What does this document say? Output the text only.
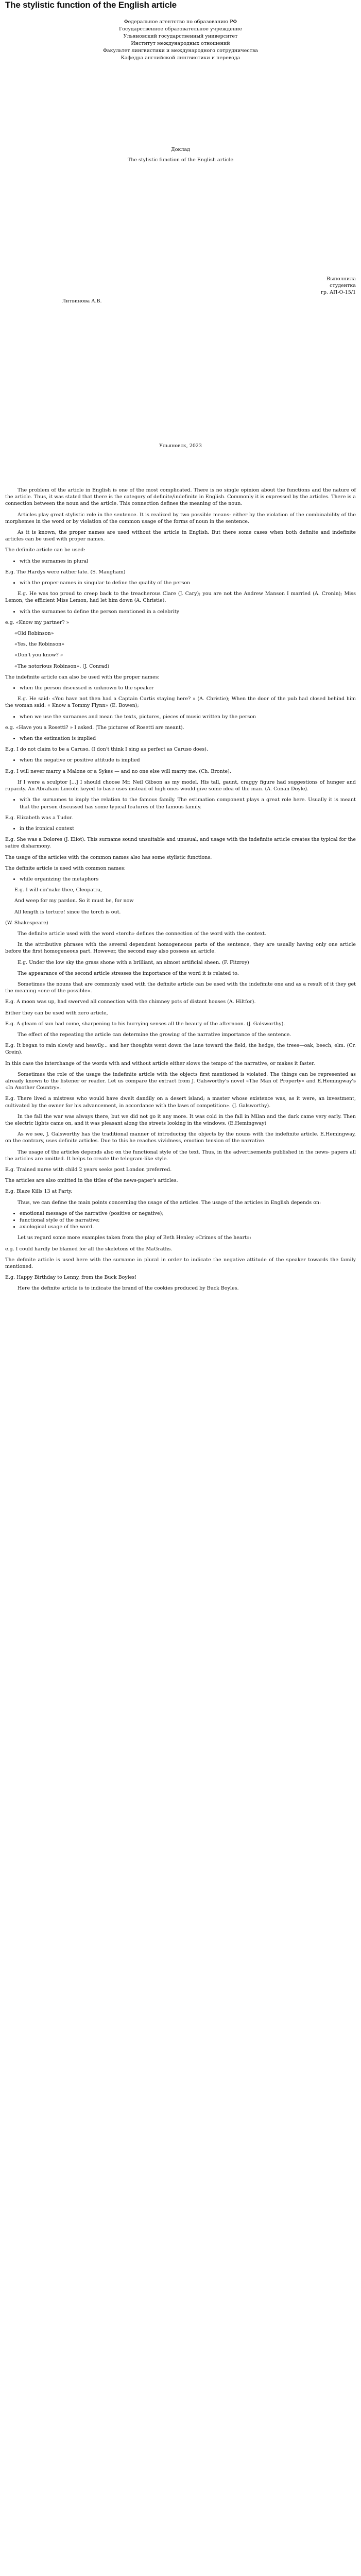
The stylistic function of the English article
Федеральное агентство по образованию РФ
Государственное образовательное учреждение
Ульяновский государственный университет
Институт международных отношений
Факультет лингвистики и международного сотрудничества
Кафедра английской лингвистики и перевода
Доклад
The stylistic function of the English article
Выполнила
студентка
гр. АП-О-15/1
Литвинова А.В.
Ульяновск, 2023

The problem of the article in English is one of the most complicated. There is no single opinion about the functions and the nature of the article. Thus, it was stated that there is the category of definite/indefinite in English. Commonly it is expressed by the articles. There is a connection between the noun and the article. This connection defines the meaning of the noun.

Articles play great stylistic role in the sentence. It is realized by two possible means: either by the violation of the combinability of the morphemes in the word or by violation of the common usage of the forms of noun in the sentence.

As it is known, the proper names are used without the article in English. But there some cases when both definite and indefinite articles can be used with proper names.

The definite article can be used:

• with the surnames in plural

E.g. The Hardys were rather late. (S. Maugham)

• with the proper names in singular to define the quality of the person

E.g. He was too proud to creep back to the treacherous Clare (J. Cary); you are not the Andrew Manson I married (A. Cronin); Miss Lemon, the efficient Miss Lemon, had let him down (A. Christie).

• with the surnames to define the person mentioned in a celebrity

e.g. «Know my partner? »

«Old Robinson»
«Yes, the Robinson»
«Don't you know? »
«The notorious Robinson». (J. Conrad)

The indefinite article can also be used with the proper names:

• when the person discussed is unknown to the speaker

E.g. He said: «You have not then had a Captain Curtis staying here? » (A. Christie); When the door of the pub had closed behind him the woman said: « Know a Tommy Flynn» (E. Bowen);

• when we use the surnames and mean the texts, pictures, pieces of music written by the person

e.g. «Have you a Rosetti? » I asked. (The pictures of Rosetti are meant).

• when the estimation is implied

E.g. I do not claim to be a Caruso. (I don't think I sing as perfect as Caruso does).

• when the negative or positive attitude is implied

E.g. I will never marry a Malone or a Sykes — and no one else will marry me. (Ch. Bronte).

If I were a sculptor [...] I should choose Mr. Neil Gibson as my model. His tall, gaunt, craggy figure had suggestions of hunger and rapacity. An Abraham Lincoln keyed to base uses instead of high ones would give some idea of the man. (A. Conan Doyle).

• with the surnames to imply the relation to the famous family. The estimation component plays a great role here. Usually it is meant that the person discussed has some typical features of the famous family.

E.g. Elizabeth was a Tudor.

• in the ironical context

E.g. She was a Dolores (J. Eliot). This surname sound unsuitable and unusual, and usage with the indefinite article creates the typical for the satire disharmony.

The usage of the articles with the common names also has some stylistic functions.

The definite article is used with common names:

• while organizing the metaphors
E.g. I will cin'nake thee, Cleopatra,
And weep for my pardon. So it must be, for now
All length is torture! since the torch is out.

(W. Shakespeare)

The definite article used with the word «torch» defines the connection of the word with the context.

In the attributive phrases with the several dependent homogeneous parts of the sentence, they are usually having only one article before the first homogeneous part. However, the second may also possess an article.

E.g. Under the low sky the grass shone with a brilliant, an almost artificial sheen. (F. Fitzroy)

The appearance of the second article stresses the importance of the word it is related to.

Sometimes the nouns that are commonly used with the definite article can be used with the indefinite one and as a result of it they get the meaning «one of the possible».

E.g. A moon was up, had swerved all connection with the chimney pots of distant houses (A. Hiltfor).

Either they can be used with zero article,

E.g. A gleam of sun had come, sharpening to his hurrying senses all the beauty of the afternoon. (J. Galsworthy).

The effect of the repeating the article can determine the growing of the narrative importance of the sentence.

E.g. It began to rain slowly and heavily... and her thoughts went down the lane toward the field, the hedge, the trees—oak, beech, elm. (Cr. Grein).

In this case the interchange of the words with and without article either slows the tempo of the narrative, or makes it faster.

Sometimes the role of the usage the indefinite article with the objects first mentioned is violated. The things can be represented as already known to the listener or reader. Let us compare the extract from J. Galsworthy's novel «The Man of Property» and E.Hemingway's «In Another Country».

E.g. There lived a mistress who would have dwelt dandily on a desert island; a master whose existence was, as it were, an investment, cultivated by the owner for his advancement, in accordance with the laws of competition». (J. Galsworthy).

In the fall the war was always there, but we did not go it any more. It was cold in the fall in Milan and the dark came very early. Then the electric lights came on, and it was pleasant along the streets looking in the windows. (E.Hemingway)

As we see, J. Galsworthy has the traditional manner of introducing the objects by the nouns with the indefinite article. E.Hemingway, on the contrary, uses definite articles. Due to this he reaches vividness, emotion tension of the narrative.

The usage of the articles depends also on the functional style of the text. Thus, in the advertisements published in the news- papers all the articles are omitted. It helps to create the telegram-like style.

E.g. Trained nurse with child 2 years seeks post London preferred.

The articles are also omitted in the titles of the news-paper's articles.

E.g. Blaze Kills 13 at Party.

Thus, we can define the main points concerning the usage of the articles. The usage of the articles in English depends on:

• emotional message of the narrative (positive or negative);
• functional style of the narrative;
• axiological usage of the word.

Let us regard some more examples taken from the play of Beth Henley «Crimes of the heart»:

e.g. I could hardly be blamed for all the skeletons of the MaGraths.

The definite article is used here with the surname in plural in order to indicate the negative attitude of the speaker towards the family mentioned.

E.g. Happy Birthday to Lenny, from the Buck Boyles!

Here the definite article is to indicate the brand of the cookies produced by Buck Boyles.
